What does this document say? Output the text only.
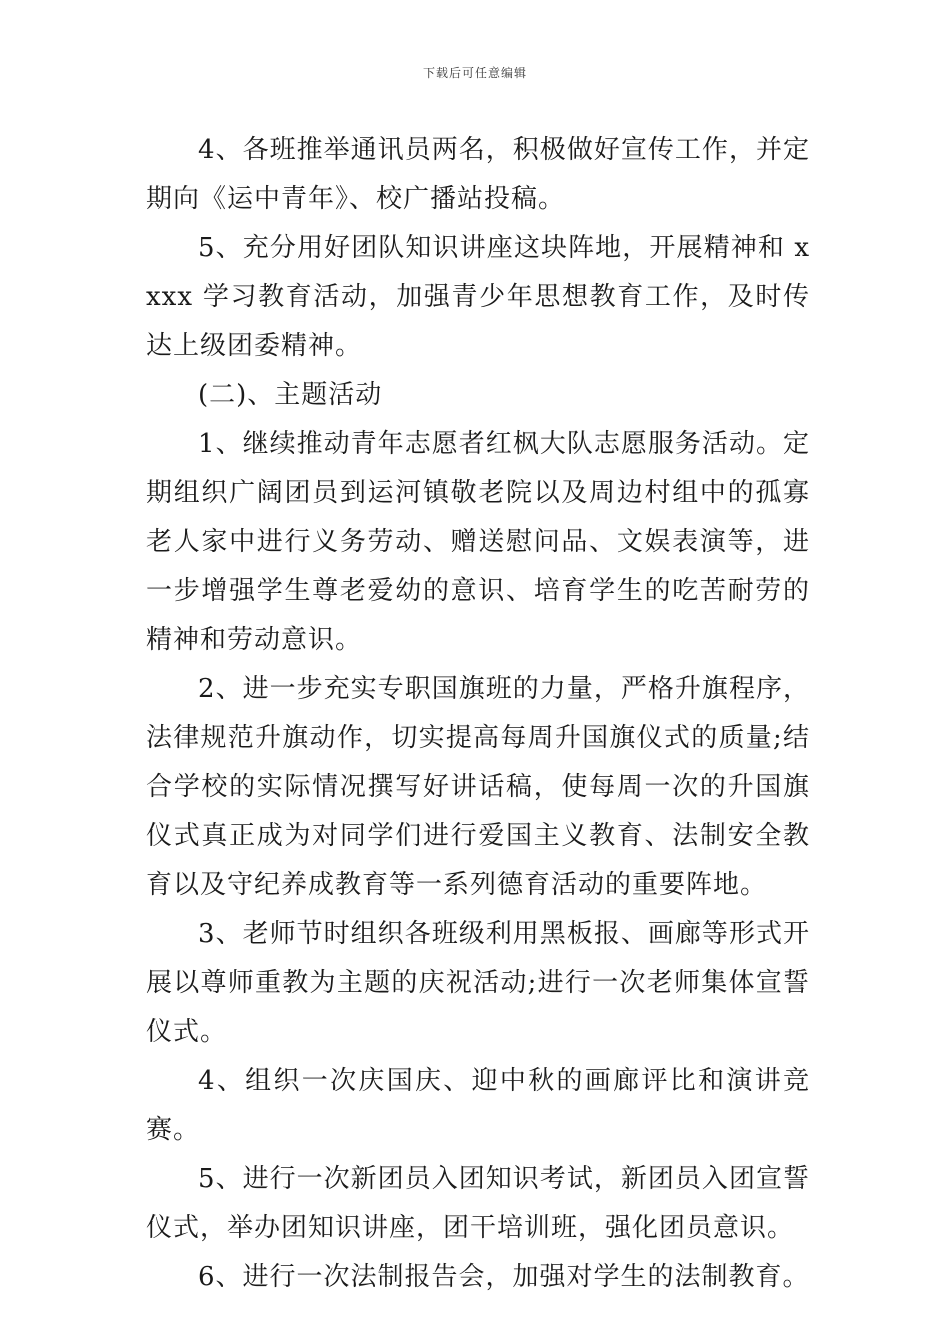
下载后可任意编辑

4、各班推举通讯员两名，积极做好宣传工作，并定期向《运中青年》、校广播站投稿。

5、充分用好团队知识讲座这块阵地，开展精神和 xxxx 学习教育活动，加强青少年思想教育工作，及时传达上级团委精神。

(二)、主题活动

1、继续推动青年志愿者红枫大队志愿服务活动。定期组织广阔团员到运河镇敬老院以及周边村组中的孤寡老人家中进行义务劳动、赠送慰问品、文娱表演等，进一步增强学生尊老爱幼的意识、培育学生的吃苦耐劳的精神和劳动意识。

2、进一步充实专职国旗班的力量，严格升旗程序，法律规范升旗动作，切实提高每周升国旗仪式的质量;结合学校的实际情况撰写好讲话稿，使每周一次的升国旗仪式真正成为对同学们进行爱国主义教育、法制安全教育以及守纪养成教育等一系列德育活动的重要阵地。

3、老师节时组织各班级利用黑板报、画廊等形式开展以尊师重教为主题的庆祝活动;进行一次老师集体宣誓仪式。

4、组织一次庆国庆、迎中秋的画廊评比和演讲竞赛。

5、进行一次新团员入团知识考试，新团员入团宣誓仪式，举办团知识讲座，团干培训班，强化团员意识。

6、进行一次法制报告会，加强对学生的法制教育。
